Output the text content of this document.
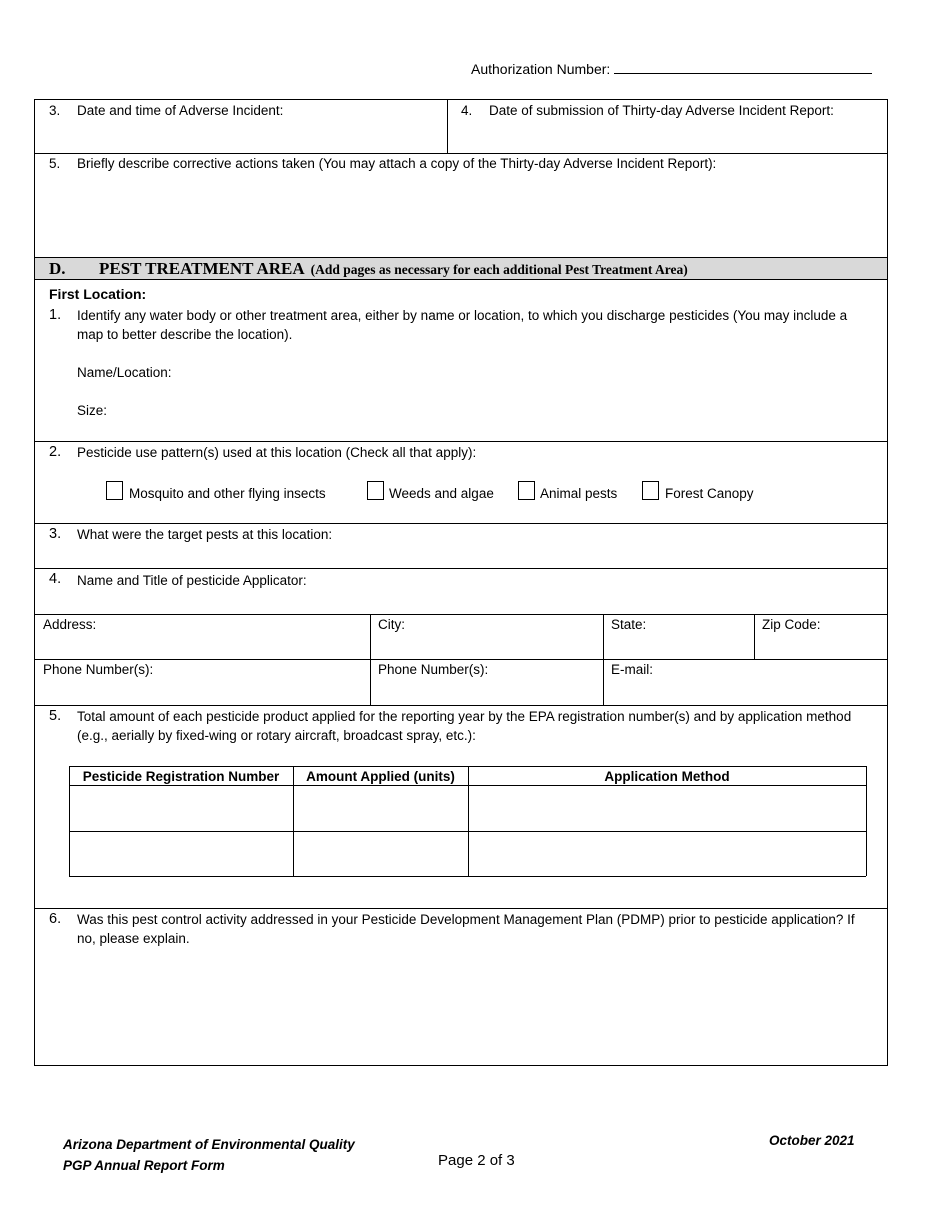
Authorization Number:
3. Date and time of Adverse Incident:	4. Date of submission of Thirty-day Adverse Incident Report:
5. Briefly describe corrective actions taken (You may attach a copy of the Thirty-day Adverse Incident Report):
D. PEST TREATMENT AREA (Add pages as necessary for each additional Pest Treatment Area)
First Location:
1. Identify any water body or other treatment area, either by name or location, to which you discharge pesticides (You may include a map to better describe the location).
Name/Location:
Size:
2. Pesticide use pattern(s) used at this location (Check all that apply):
Mosquito and other flying insects	Weeds and algae	Animal pests	Forest Canopy
3. What were the target pests at this location:
4. Name and Title of pesticide Applicator:
Address:	City:	State:	Zip Code:
Phone Number(s):	Phone Number(s):	E-mail:
5. Total amount of each pesticide product applied for the reporting year by the EPA registration number(s) and by application method (e.g., aerially by fixed-wing or rotary aircraft, broadcast spray, etc.):
Pesticide Registration Number	Amount Applied (units)	Application Method
6. Was this pest control activity addressed in your Pesticide Development Management Plan (PDMP) prior to pesticide application? If no, please explain.
Arizona Department of Environmental Quality
PGP Annual Report Form	Page 2 of 3
October 2021
